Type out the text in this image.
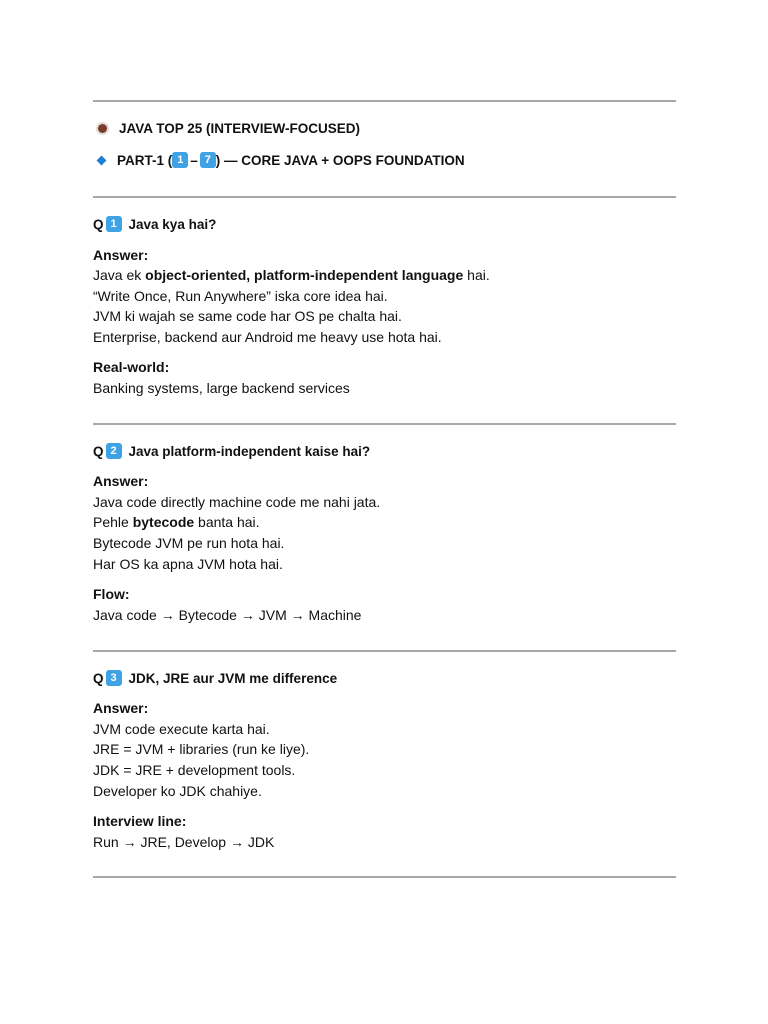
JAVA TOP 25 (INTERVIEW-FOCUSED)
PART-1 ( 1 – 7 ) — CORE JAVA + OOPS FOUNDATION
Q 1 Java kya hai?
Answer:
Java ek object-oriented, platform-independent language hai.
“Write Once, Run Anywhere” iska core idea hai.
JVM ki wajah se same code har OS pe chalta hai.
Enterprise, backend aur Android me heavy use hota hai.
Real-world:
Banking systems, large backend services
Q 2 Java platform-independent kaise hai?
Answer:
Java code directly machine code me nahi jata.
Pehle bytecode banta hai.
Bytecode JVM pe run hota hai.
Har OS ka apna JVM hota hai.
Flow:
Java code → Bytecode → JVM → Machine
Q 3 JDK, JRE aur JVM me difference
Answer:
JVM code execute karta hai.
JRE = JVM + libraries (run ke liye).
JDK = JRE + development tools.
Developer ko JDK chahiye.
Interview line:
Run → JRE, Develop → JDK
